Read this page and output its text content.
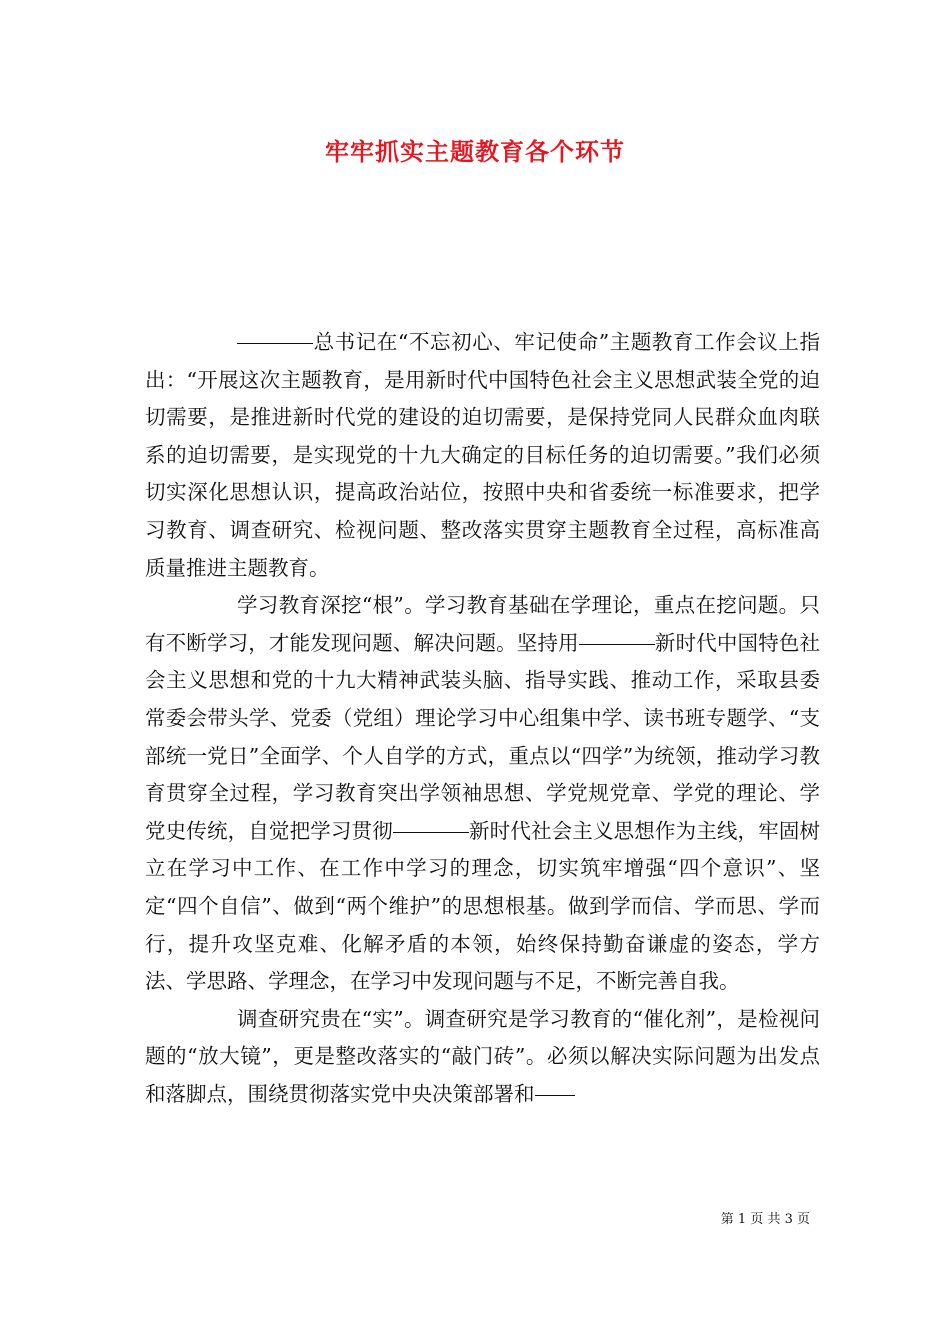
牢牢抓实主题教育各个环节

总书记在“不忘初心、牢记使命”主题教育工作会议上指出：“开展这次主题教育，是用新时代中国特色社会主义思想武装全党的迫切需要，是推进新时代党的建设的迫切需要，是保持党同人民群众血肉联系的迫切需要，是实现党的十九大确定的目标任务的迫切需要。”我们必须切实深化思想认识，提高政治站位，按照中央和省委统一标准要求，把学习教育、调查研究、检视问题、整改落实贯穿主题教育全过程，高标准高质量推进主题教育。

学习教育深挖“根”。学习教育基础在学理论，重点在挖问题。只有不断学习，才能发现问题、解决问题。坚持用	新时代中国特色社会主义思想和党的十九大精神武装头脑、指导实践、推动工作，采取县委常委会带头学、党委（党组）理论学习中心组集中学、读书班专题学、“支部统一党日”全面学、个人自学的方式，重点以“四学”为统领，推动学习教育贯穿全过程，学习教育突出学领袖思想、学党规党章、学党的理论、学党史传统，自觉把学习贯彻	新时代社会主义思想作为主线，牢固树立在学习中工作、在工作中学习的理念，切实筑牢增强“四个意识”、坚定“四个自信”、做到“两个维护”的思想根基。做到学而信、学而思、学而行，提升攻坚克难、化解矛盾的本领，始终保持勤奋谦虚的姿态，学方法、学思路、学理念，在学习中发现问题与不足，不断完善自我。

调查研究贵在“实”。调查研究是学习教育的“催化剂”，是检视问题的“放大镜”，更是整改落实的“敲门砖”。必须以解决实际问题为出发点和落脚点，围绕贯彻落实党中央决策部署和

第 1 页 共 3 页
